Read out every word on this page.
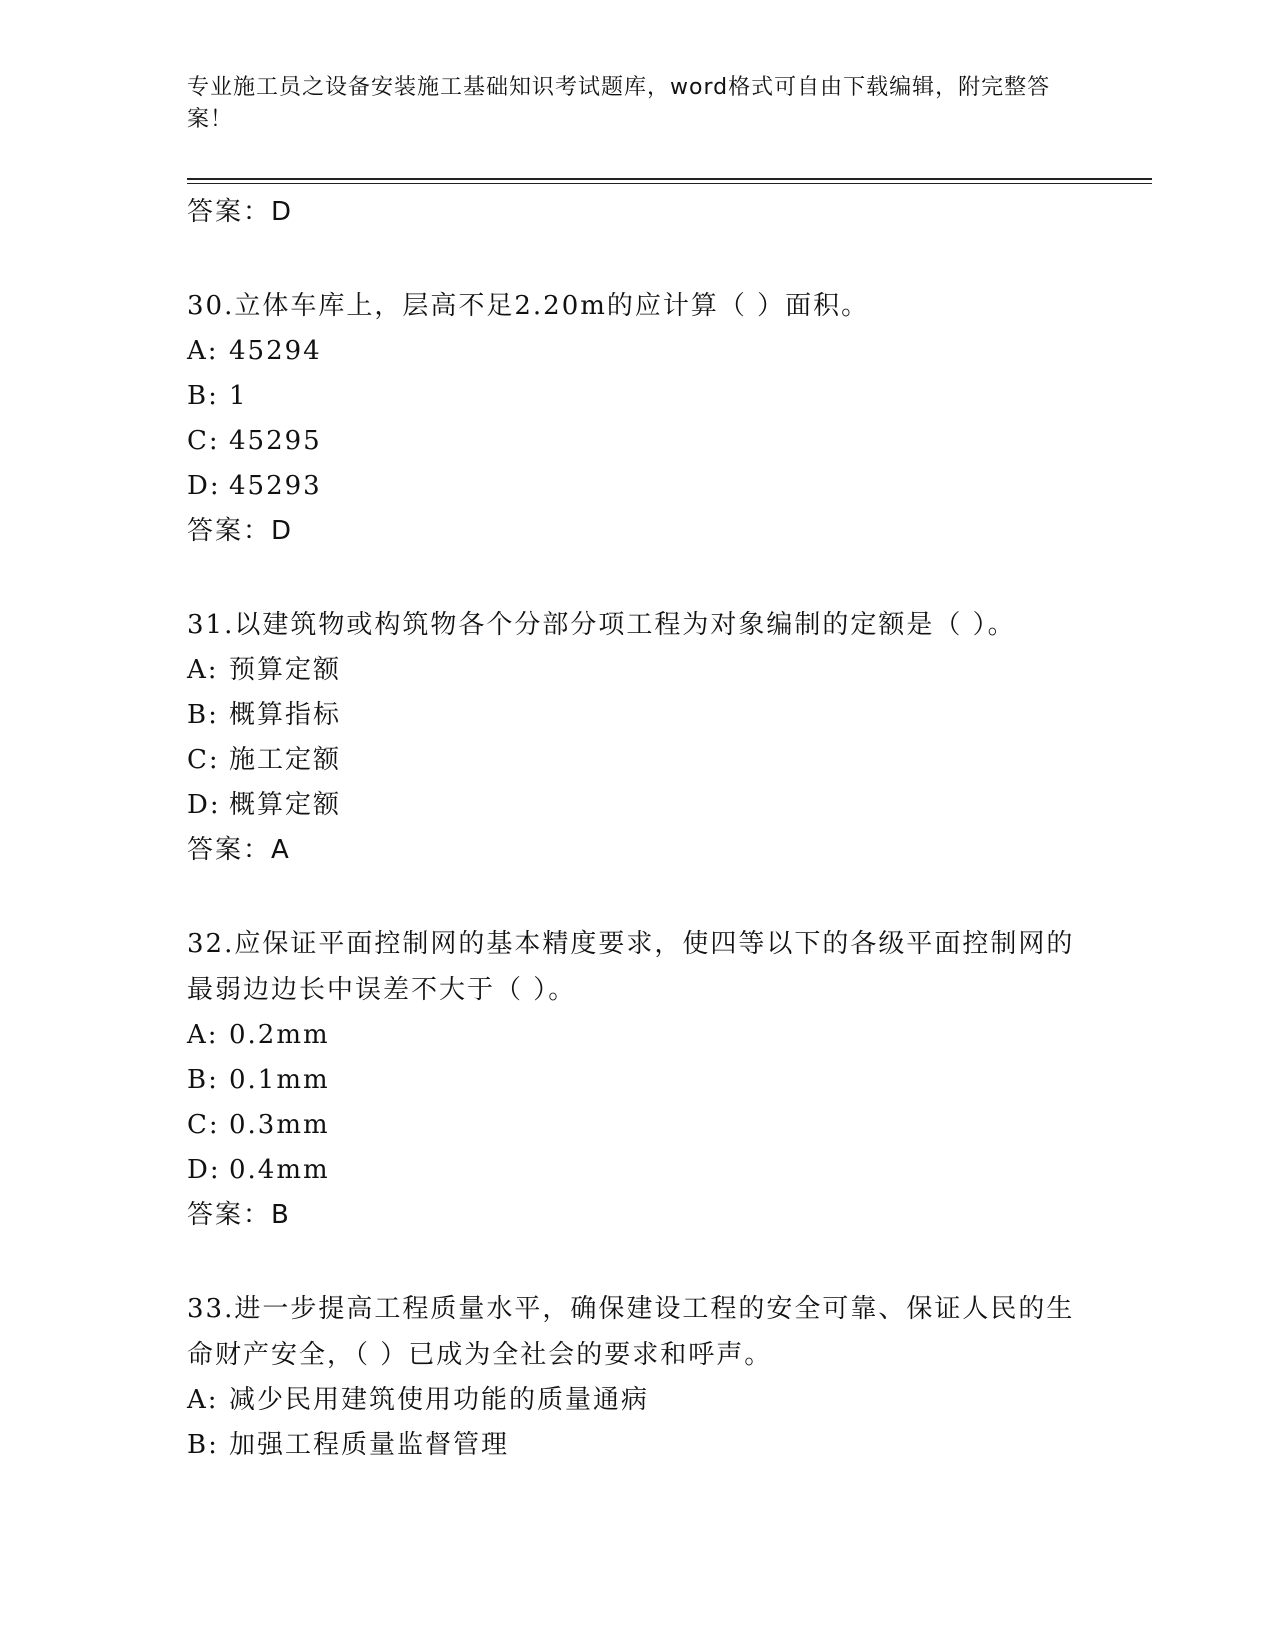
专业施工员之设备安装施工基础知识考试题库，word格式可自由下载编辑，附完整答案！
答案：D
30.立体车库上，层高不足2.20m的应计算（ ）面积。
A: 45294
B: 1
C: 45295
D: 45293
答案：D
31.以建筑物或构筑物各个分部分项工程为对象编制的定额是（ ）。
A: 预算定额
B: 概算指标
C: 施工定额
D: 概算定额
答案：A
32.应保证平面控制网的基本精度要求，使四等以下的各级平面控制网的最弱边边长中误差不大于（ ）。
A: 0.2mm
B: 0.1mm
C: 0.3mm
D: 0.4mm
答案：B
33.进一步提高工程质量水平，确保建设工程的安全可靠、保证人民的生命财产安全，（ ）已成为全社会的要求和呼声。
A: 减少民用建筑使用功能的质量通病
B: 加强工程质量监督管理
